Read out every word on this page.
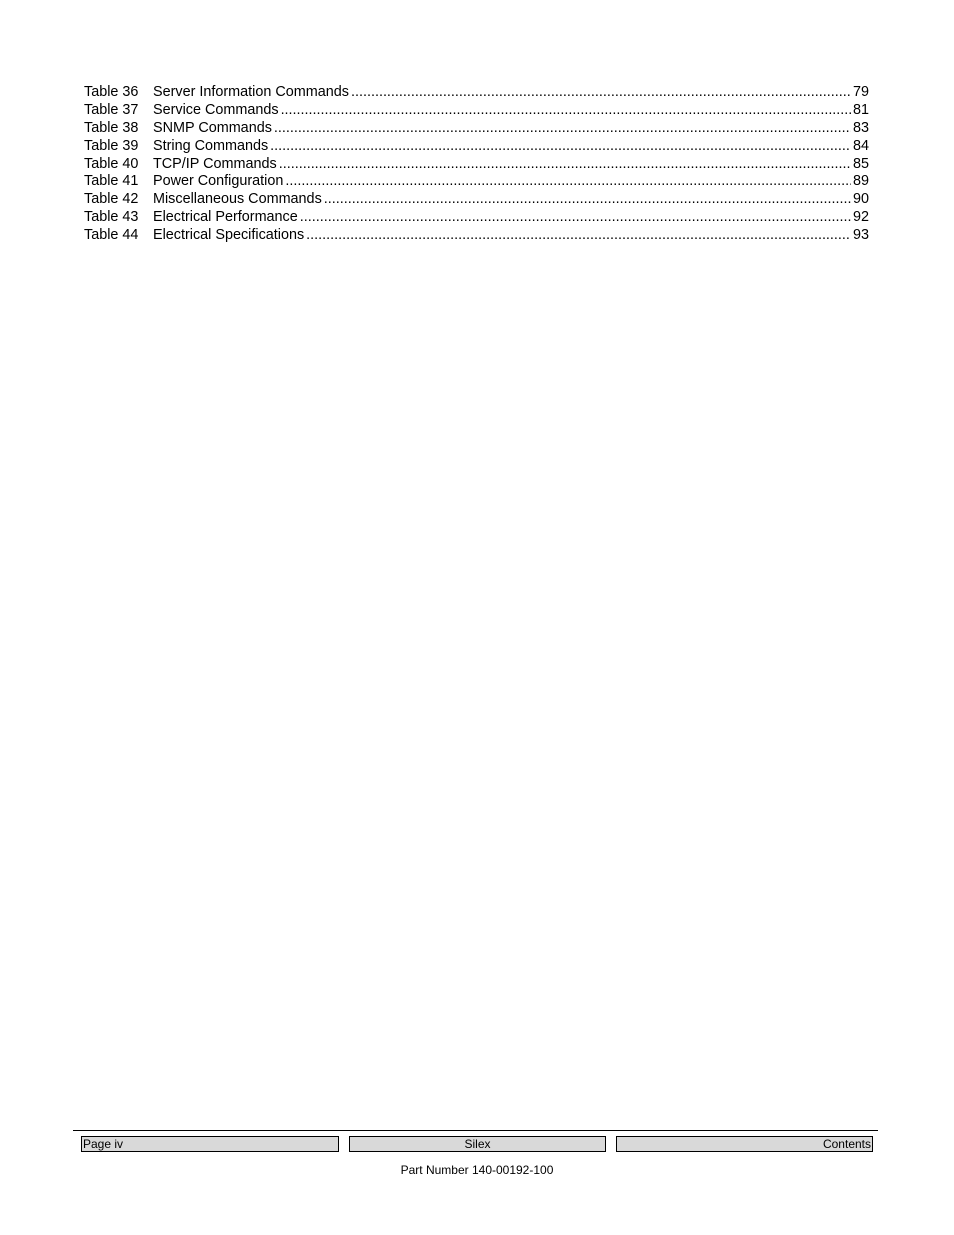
Table 36 Server Information Commands .....	79
Table 37 Service Commands .....	81
Table 38 SNMP Commands .....	83
Table 39 String Commands .....	84
Table 40 TCP/IP Commands .....	85
Table 41 Power Configuration .....	89
Table 42 Miscellaneous Commands .....	90
Table 43 Electrical Performance .....	92
Table 44 Electrical Specifications .....	93
Page iv	Silex	Contents
Part Number 140-00192-100
